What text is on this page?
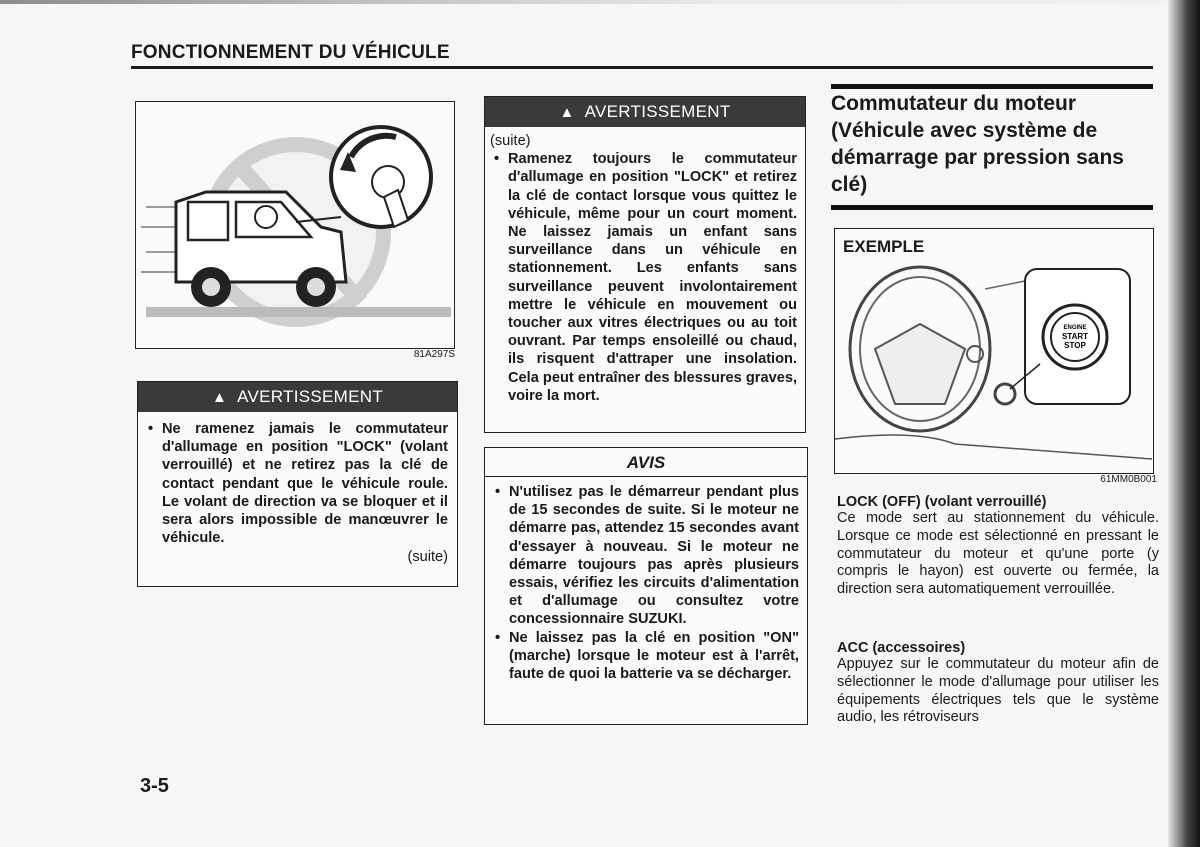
FONCTIONNEMENT DU VÉHICULE
81A297S
▲ AVERTISSEMENT
• Ne ramenez jamais le commutateur d'allumage en position "LOCK" (volant verrouillé) et ne retirez pas la clé de contact pendant que le véhicule roule. Le volant de direction va se bloquer et il sera alors impossible de manœuvrer le véhicule.
(suite)
▲ AVERTISSEMENT
(suite)
• Ramenez toujours le commutateur d'allumage en position "LOCK" et retirez la clé de contact lorsque vous quittez le véhicule, même pour un court moment. Ne laissez jamais un enfant sans surveillance dans un véhicule en stationnement. Les enfants sans surveillance peuvent involontairement mettre le véhicule en mouvement ou toucher aux vitres électriques ou au toit ouvrant. Par temps ensoleillé ou chaud, ils risquent d'attraper une insolation. Cela peut entraîner des blessures graves, voire la mort.
AVIS
• N'utilisez pas le démarreur pendant plus de 15 secondes de suite. Si le moteur ne démarre pas, attendez 15 secondes avant d'essayer à nouveau. Si le moteur ne démarre toujours pas après plusieurs essais, vérifiez les circuits d'alimentation et d'allumage ou consultez votre concessionnaire SUZUKI.
• Ne laissez pas la clé en position "ON" (marche) lorsque le moteur est à l'arrêt, faute de quoi la batterie va se décharger.
Commutateur du moteur (Véhicule avec système de démarrage par pression sans clé)
EXEMPLE
ENGINE
START
STOP
61MM0B001
LOCK (OFF) (volant verrouillé)
Ce mode sert au stationnement du véhicule. Lorsque ce mode est sélectionné en pressant le commutateur du moteur et qu'une porte (y compris le hayon) est ouverte ou fermée, la direction sera automatiquement verrouillée.
ACC (accessoires)
Appuyez sur le commutateur du moteur afin de sélectionner le mode d'allumage pour utiliser les équipements électriques tels que le système audio, les rétroviseurs
3-5
